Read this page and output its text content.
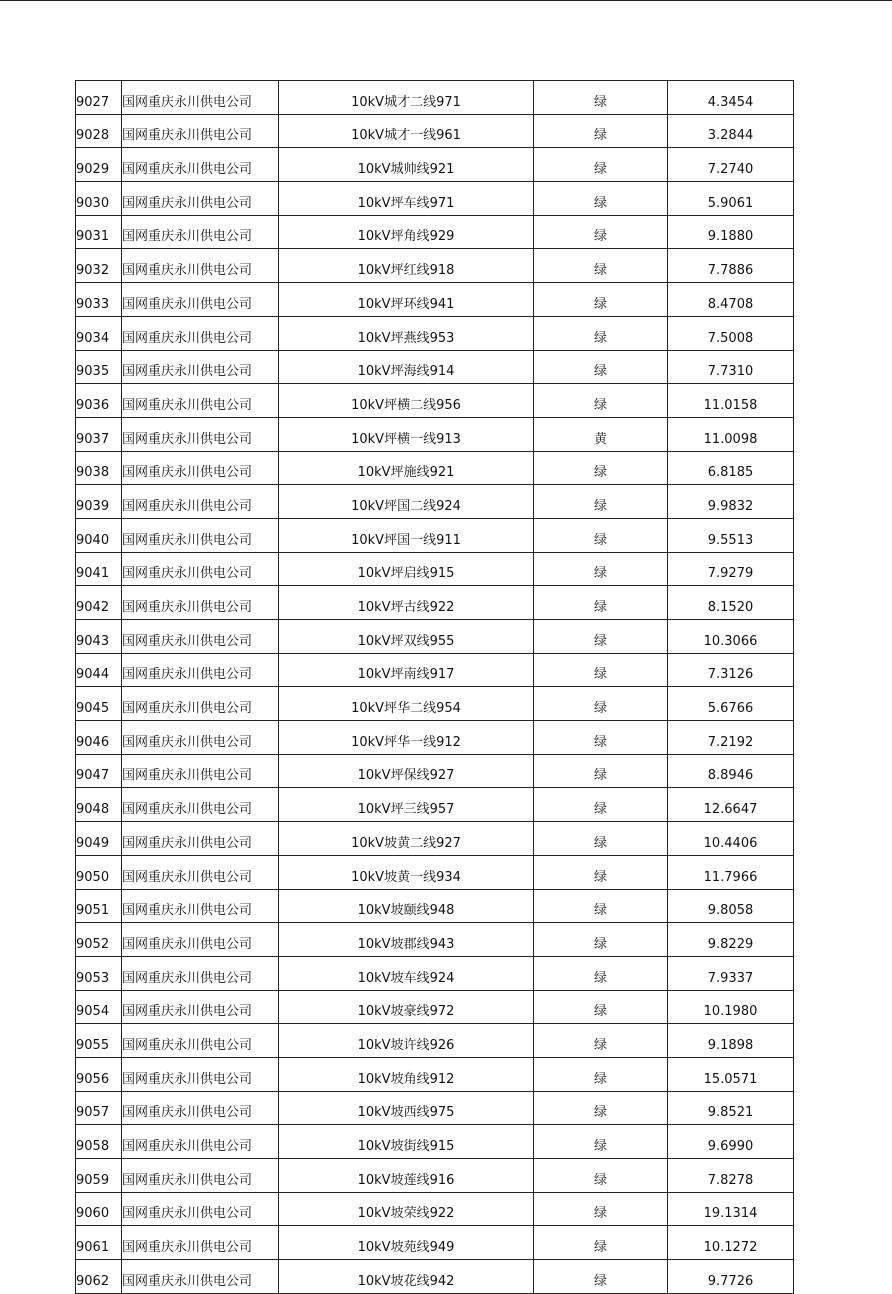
9027	国网重庆永川供电公司	10kV城才二线971	绿	4.3454
9028	国网重庆永川供电公司	10kV城才一线961	绿	3.2844
9029	国网重庆永川供电公司	10kV城帅线921	绿	7.2740
9030	国网重庆永川供电公司	10kV坪车线971	绿	5.9061
9031	国网重庆永川供电公司	10kV坪角线929	绿	9.1880
9032	国网重庆永川供电公司	10kV坪红线918	绿	7.7886
9033	国网重庆永川供电公司	10kV坪环线941	绿	8.4708
9034	国网重庆永川供电公司	10kV坪燕线953	绿	7.5008
9035	国网重庆永川供电公司	10kV坪海线914	绿	7.7310
9036	国网重庆永川供电公司	10kV坪横二线956	绿	11.0158
9037	国网重庆永川供电公司	10kV坪横一线913	黄	11.0098
9038	国网重庆永川供电公司	10kV坪施线921	绿	6.8185
9039	国网重庆永川供电公司	10kV坪国二线924	绿	9.9832
9040	国网重庆永川供电公司	10kV坪国一线911	绿	9.5513
9041	国网重庆永川供电公司	10kV坪启线915	绿	7.9279
9042	国网重庆永川供电公司	10kV坪古线922	绿	8.1520
9043	国网重庆永川供电公司	10kV坪双线955	绿	10.3066
9044	国网重庆永川供电公司	10kV坪南线917	绿	7.3126
9045	国网重庆永川供电公司	10kV坪华二线954	绿	5.6766
9046	国网重庆永川供电公司	10kV坪华一线912	绿	7.2192
9047	国网重庆永川供电公司	10kV坪保线927	绿	8.8946
9048	国网重庆永川供电公司	10kV坪三线957	绿	12.6647
9049	国网重庆永川供电公司	10kV坡黄二线927	绿	10.4406
9050	国网重庆永川供电公司	10kV坡黄一线934	绿	11.7966
9051	国网重庆永川供电公司	10kV坡颐线948	绿	9.8058
9052	国网重庆永川供电公司	10kV坡郡线943	绿	9.8229
9053	国网重庆永川供电公司	10kV坡车线924	绿	7.9337
9054	国网重庆永川供电公司	10kV坡豪线972	绿	10.1980
9055	国网重庆永川供电公司	10kV坡许线926	绿	9.1898
9056	国网重庆永川供电公司	10kV坡角线912	绿	15.0571
9057	国网重庆永川供电公司	10kV坡西线975	绿	9.8521
9058	国网重庆永川供电公司	10kV坡街线915	绿	9.6990
9059	国网重庆永川供电公司	10kV坡莲线916	绿	7.8278
9060	国网重庆永川供电公司	10kV坡荣线922	绿	19.1314
9061	国网重庆永川供电公司	10kV坡苑线949	绿	10.1272
9062	国网重庆永川供电公司	10kV坡花线942	绿	9.7726
